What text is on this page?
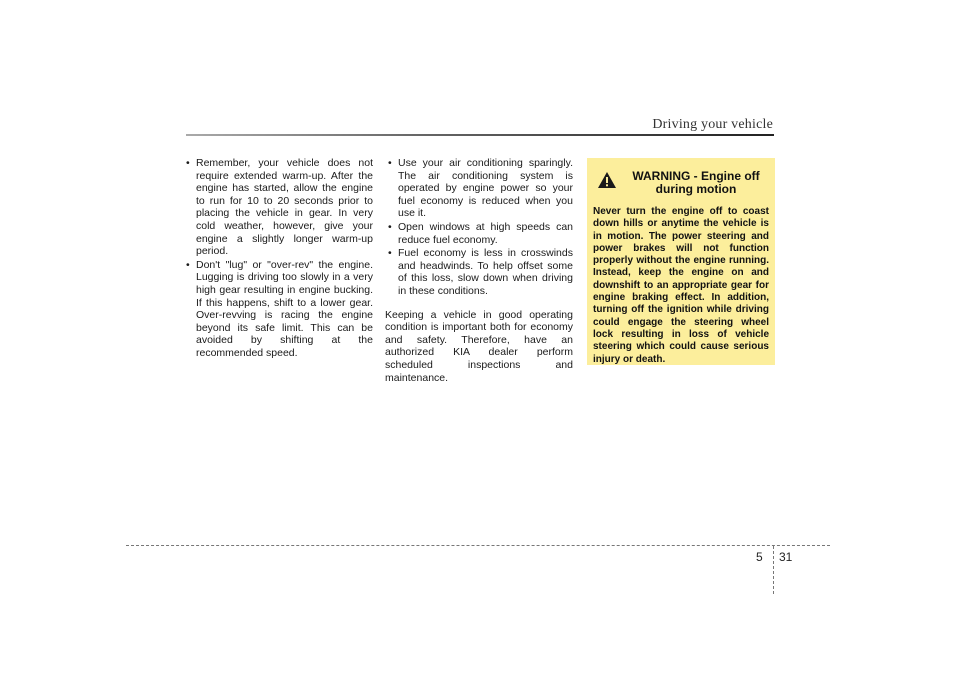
Driving your vehicle
• Remember, your vehicle does not require extended warm-up. After the engine has started, allow the engine to run for 10 to 20 seconds prior to placing the vehicle in gear. In very cold weather, however, give your engine a slightly longer warm-up period.
• Don't "lug" or "over-rev" the engine. Lugging is driving too slowly in a very high gear resulting in engine bucking. If this happens, shift to a lower gear. Over-revving is racing the engine beyond its safe limit. This can be avoided by shifting at the recommended speed.
• Use your air conditioning sparingly. The air conditioning system is operated by engine power so your fuel economy is reduced when you use it.
• Open windows at high speeds can reduce fuel economy.
• Fuel economy is less in crosswinds and headwinds. To help offset some of this loss, slow down when driving in these conditions.
Keeping a vehicle in good operating condition is important both for economy and safety. Therefore, have an authorized KIA dealer perform scheduled inspections and maintenance.
WARNING - Engine off during motion
Never turn the engine off to coast down hills or anytime the vehicle is in motion. The power steering and power brakes will not function properly without the engine running. Instead, keep the engine on and downshift to an appropriate gear for engine braking effect. In addition, turning off the ignition while driving could engage the steering wheel lock resulting in loss of vehicle steering which could cause serious injury or death.
5 31
